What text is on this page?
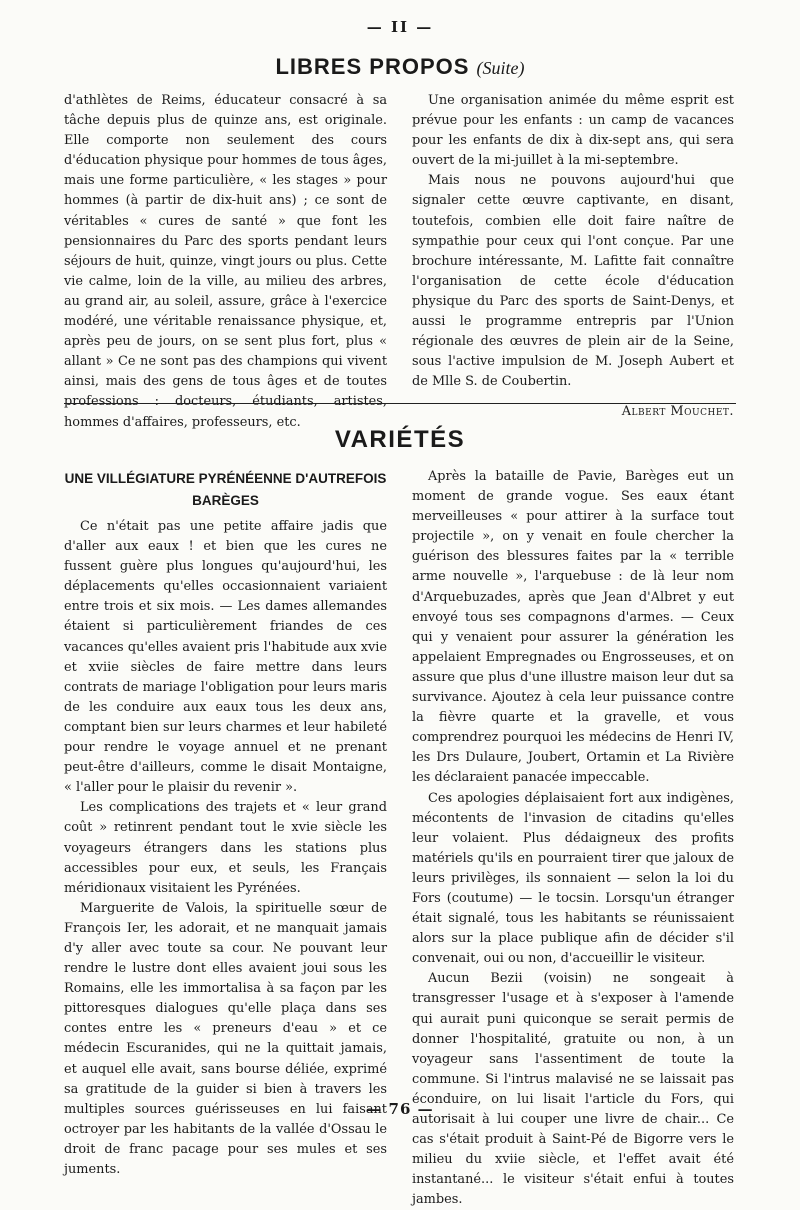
— II —
LIBRES PROPOS (Suite)

d'athlètes de Reims, éducateur consacré à sa tâche depuis plus de quinze ans, est originale. Elle comporte non seulement des cours d'éducation physique pour hommes de tous âges, mais une forme particulière, « les stages » pour hommes (à partir de dix-huit ans) ; ce sont de véritables « cures de santé » que font les pensionnaires du Parc des sports pendant leurs séjours de huit, quinze, vingt jours ou plus. Cette vie calme, loin de la ville, au milieu des arbres, au grand air, au soleil, assure, grâce à l'exercice modéré, une véritable renaissance physique, et, après peu de jours, on se sent plus fort, plus « allant » Ce ne sont pas des champions qui vivent ainsi, mais des gens de tous âges et de toutes professions : docteurs, étudiants, artistes, hommes d'affaires, professeurs, etc.

Une organisation animée du même esprit est prévue pour les enfants : un camp de vacances pour les enfants de dix à dix-sept ans, qui sera ouvert de la mi-juillet à la mi-septembre.

Mais nous ne pouvons aujourd'hui que signaler cette œuvre captivante, en disant, toutefois, combien elle doit faire naître de sympathie pour ceux qui l'ont conçue. Par une brochure intéressante, M. Lafitte fait connaître l'organisation de cette école d'éducation physique du Parc des sports de Saint-Denys, et aussi le programme entrepris par l'Union régionale des œuvres de plein air de la Seine, sous l'active impulsion de M. Joseph Aubert et de Mlle S. de Coubertin.

Albert Mouchet.

VARIÉTÉS
UNE VILLÉGIATURE PYRÉNÉENNE D'AUTREFOIS
BARÈGES

Ce n'était pas une petite affaire jadis que d'aller aux eaux ! et bien que les cures ne fussent guère plus longues qu'aujourd'hui, les déplacements qu'elles occasionnaient variaient entre trois et six mois. — Les dames allemandes étaient si particulièrement friandes de ces vacances qu'elles avaient pris l'habitude aux xvie et xviie siècles de faire mettre dans leurs contrats de mariage l'obligation pour leurs maris de les conduire aux eaux tous les deux ans, comptant bien sur leurs charmes et leur habileté pour rendre le voyage annuel et ne prenant peut-être d'ailleurs, comme le disait Montaigne, « l'aller pour le plaisir du revenir ».

Les complications des trajets et « leur grand coût » retinrent pendant tout le xvie siècle les voyageurs étrangers dans les stations plus accessibles pour eux, et seuls, les Français méridionaux visitaient les Pyrénées.

Marguerite de Valois, la spirituelle sœur de François Ier, les adorait, et ne manquait jamais d'y aller avec toute sa cour. Ne pouvant leur rendre le lustre dont elles avaient joui sous les Romains, elle les immortalisa à sa façon par les pittoresques dialogues qu'elle plaça dans ses contes entre les « preneurs d'eau » et ce médecin Escuranides, qui ne la quittait jamais, et auquel elle avait, sans bourse déliée, exprimé sa gratitude de la guider si bien à travers les multiples sources guérisseuses en lui faisant octroyer par les habitants de la vallée d'Ossau le droit de franc pacage pour ses mules et ses juments.

Après la bataille de Pavie, Barèges eut un moment de grande vogue. Ses eaux étant merveilleuses « pour attirer à la surface tout projectile », on y venait en foule chercher la guérison des blessures faites par la « terrible arme nouvelle », l'arquebuse : de là leur nom d'Arquebuzades, après que Jean d'Albret y eut envoyé tous ses compagnons d'armes. — Ceux qui y venaient pour assurer la génération les appelaient Empregnades ou Engrosseuses, et on assure que plus d'une illustre maison leur dut sa survivance. Ajoutez à cela leur puissance contre la fièvre quarte et la gravelle, et vous comprendrez pourquoi les médecins de Henri IV, les Drs Dulaure, Joubert, Ortamin et La Rivière les déclaraient panacée impeccable.

Ces apologies déplaisaient fort aux indigènes, mécontents de l'invasion de citadins qu'elles leur volaient. Plus dédaigneux des profits matériels qu'ils en pourraient tirer que jaloux de leurs privilèges, ils sonnaient — selon la loi du Fors (coutume) — le tocsin. Lorsqu'un étranger était signalé, tous les habitants se réunissaient alors sur la place publique afin de décider s'il convenait, oui ou non, d'accueillir le visiteur.

Aucun Bezii (voisin) ne songeait à transgresser l'usage et à s'exposer à l'amende qui aurait puni quiconque se serait permis de donner l'hospitalité, gratuite ou non, à un voyageur sans l'assentiment de toute la commune. Si l'intrus malavisé ne se laissait pas éconduire, on lui lisait l'article du Fors, qui autorisait à lui couper une livre de chair... Ce cas s'était produit à Saint-Pé de Bigorre vers le milieu du xviie siècle, et l'effet avait été instantané... le visiteur s'était enfui à toutes jambes.

— 76 —
